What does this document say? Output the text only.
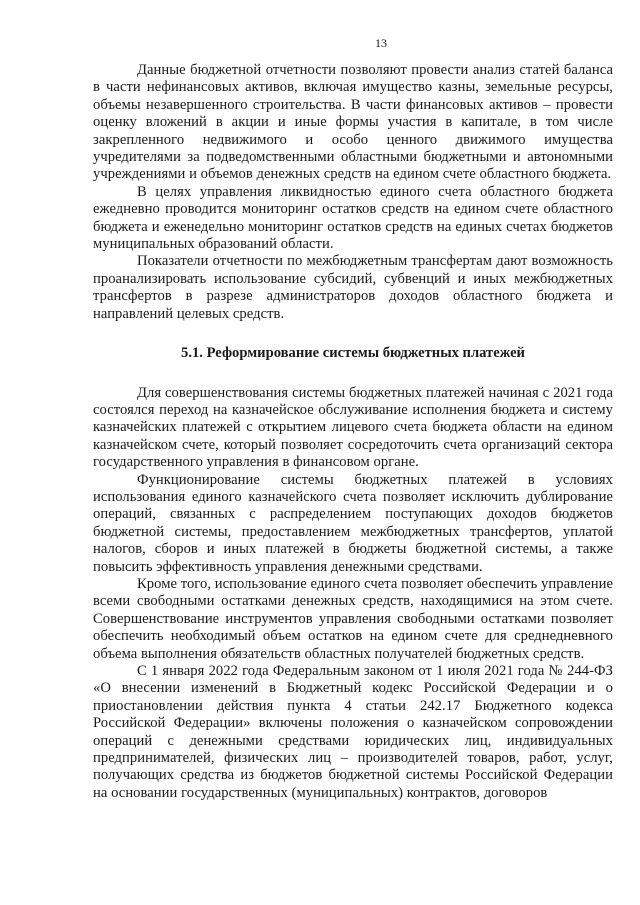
13

Данные бюджетной отчетности позволяют провести анализ статей баланса в части нефинансовых активов, включая имущество казны, земельные ресурсы, объемы незавершенного строительства. В части финансовых активов – провести оценку вложений в акции и иные формы участия в капитале, в том числе закрепленного недвижимого и особо ценного движимого имущества учредителями за подведомственными областными бюджетными и автономными учреждениями и объемов денежных средств на едином счете областного бюджета.

В целях управления ликвидностью единого счета областного бюджета ежедневно проводится мониторинг остатков средств на едином счете областного бюджета и еженедельно мониторинг остатков средств на единых счетах бюджетов муниципальных образований области.

Показатели отчетности по межбюджетным трансфертам дают возможность проанализировать использование субсидий, субвенций и иных межбюджетных трансфертов в разрезе администраторов доходов областного бюджета и направлений целевых средств.

5.1. Реформирование системы бюджетных платежей

Для совершенствования системы бюджетных платежей начиная с 2021 года состоялся переход на казначейское обслуживание исполнения бюджета и систему казначейских платежей с открытием лицевого счета бюджета области на едином казначейском счете, который позволяет сосредоточить счета организаций сектора государственного управления в финансовом органе.

Функционирование системы бюджетных платежей в условиях использования единого казначейского счета позволяет исключить дублирование операций, связанных с распределением поступающих доходов бюджетов бюджетной системы, предоставлением межбюджетных трансфертов, уплатой налогов, сборов и иных платежей в бюджеты бюджетной системы, а также повысить эффективность управления денежными средствами.

Кроме того, использование единого счета позволяет обеспечить управление всеми свободными остатками денежных средств, находящимися на этом счете. Совершенствование инструментов управления свободными остатками позволяет обеспечить необходимый объем остатков на едином счете для среднедневного объема выполнения обязательств областных получателей бюджетных средств.

С 1 января 2022 года Федеральным законом от 1 июля 2021 года № 244-ФЗ «О внесении изменений в Бюджетный кодекс Российской Федерации и о приостановлении действия пункта 4 статьи 242.17 Бюджетного кодекса Российской Федерации» включены положения о казначейском сопровождении операций с денежными средствами юридических лиц, индивидуальных предпринимателей, физических лиц – производителей товаров, работ, услуг, получающих средства из бюджетов бюджетной системы Российской Федерации на основании государственных (муниципальных) контрактов, договоров
